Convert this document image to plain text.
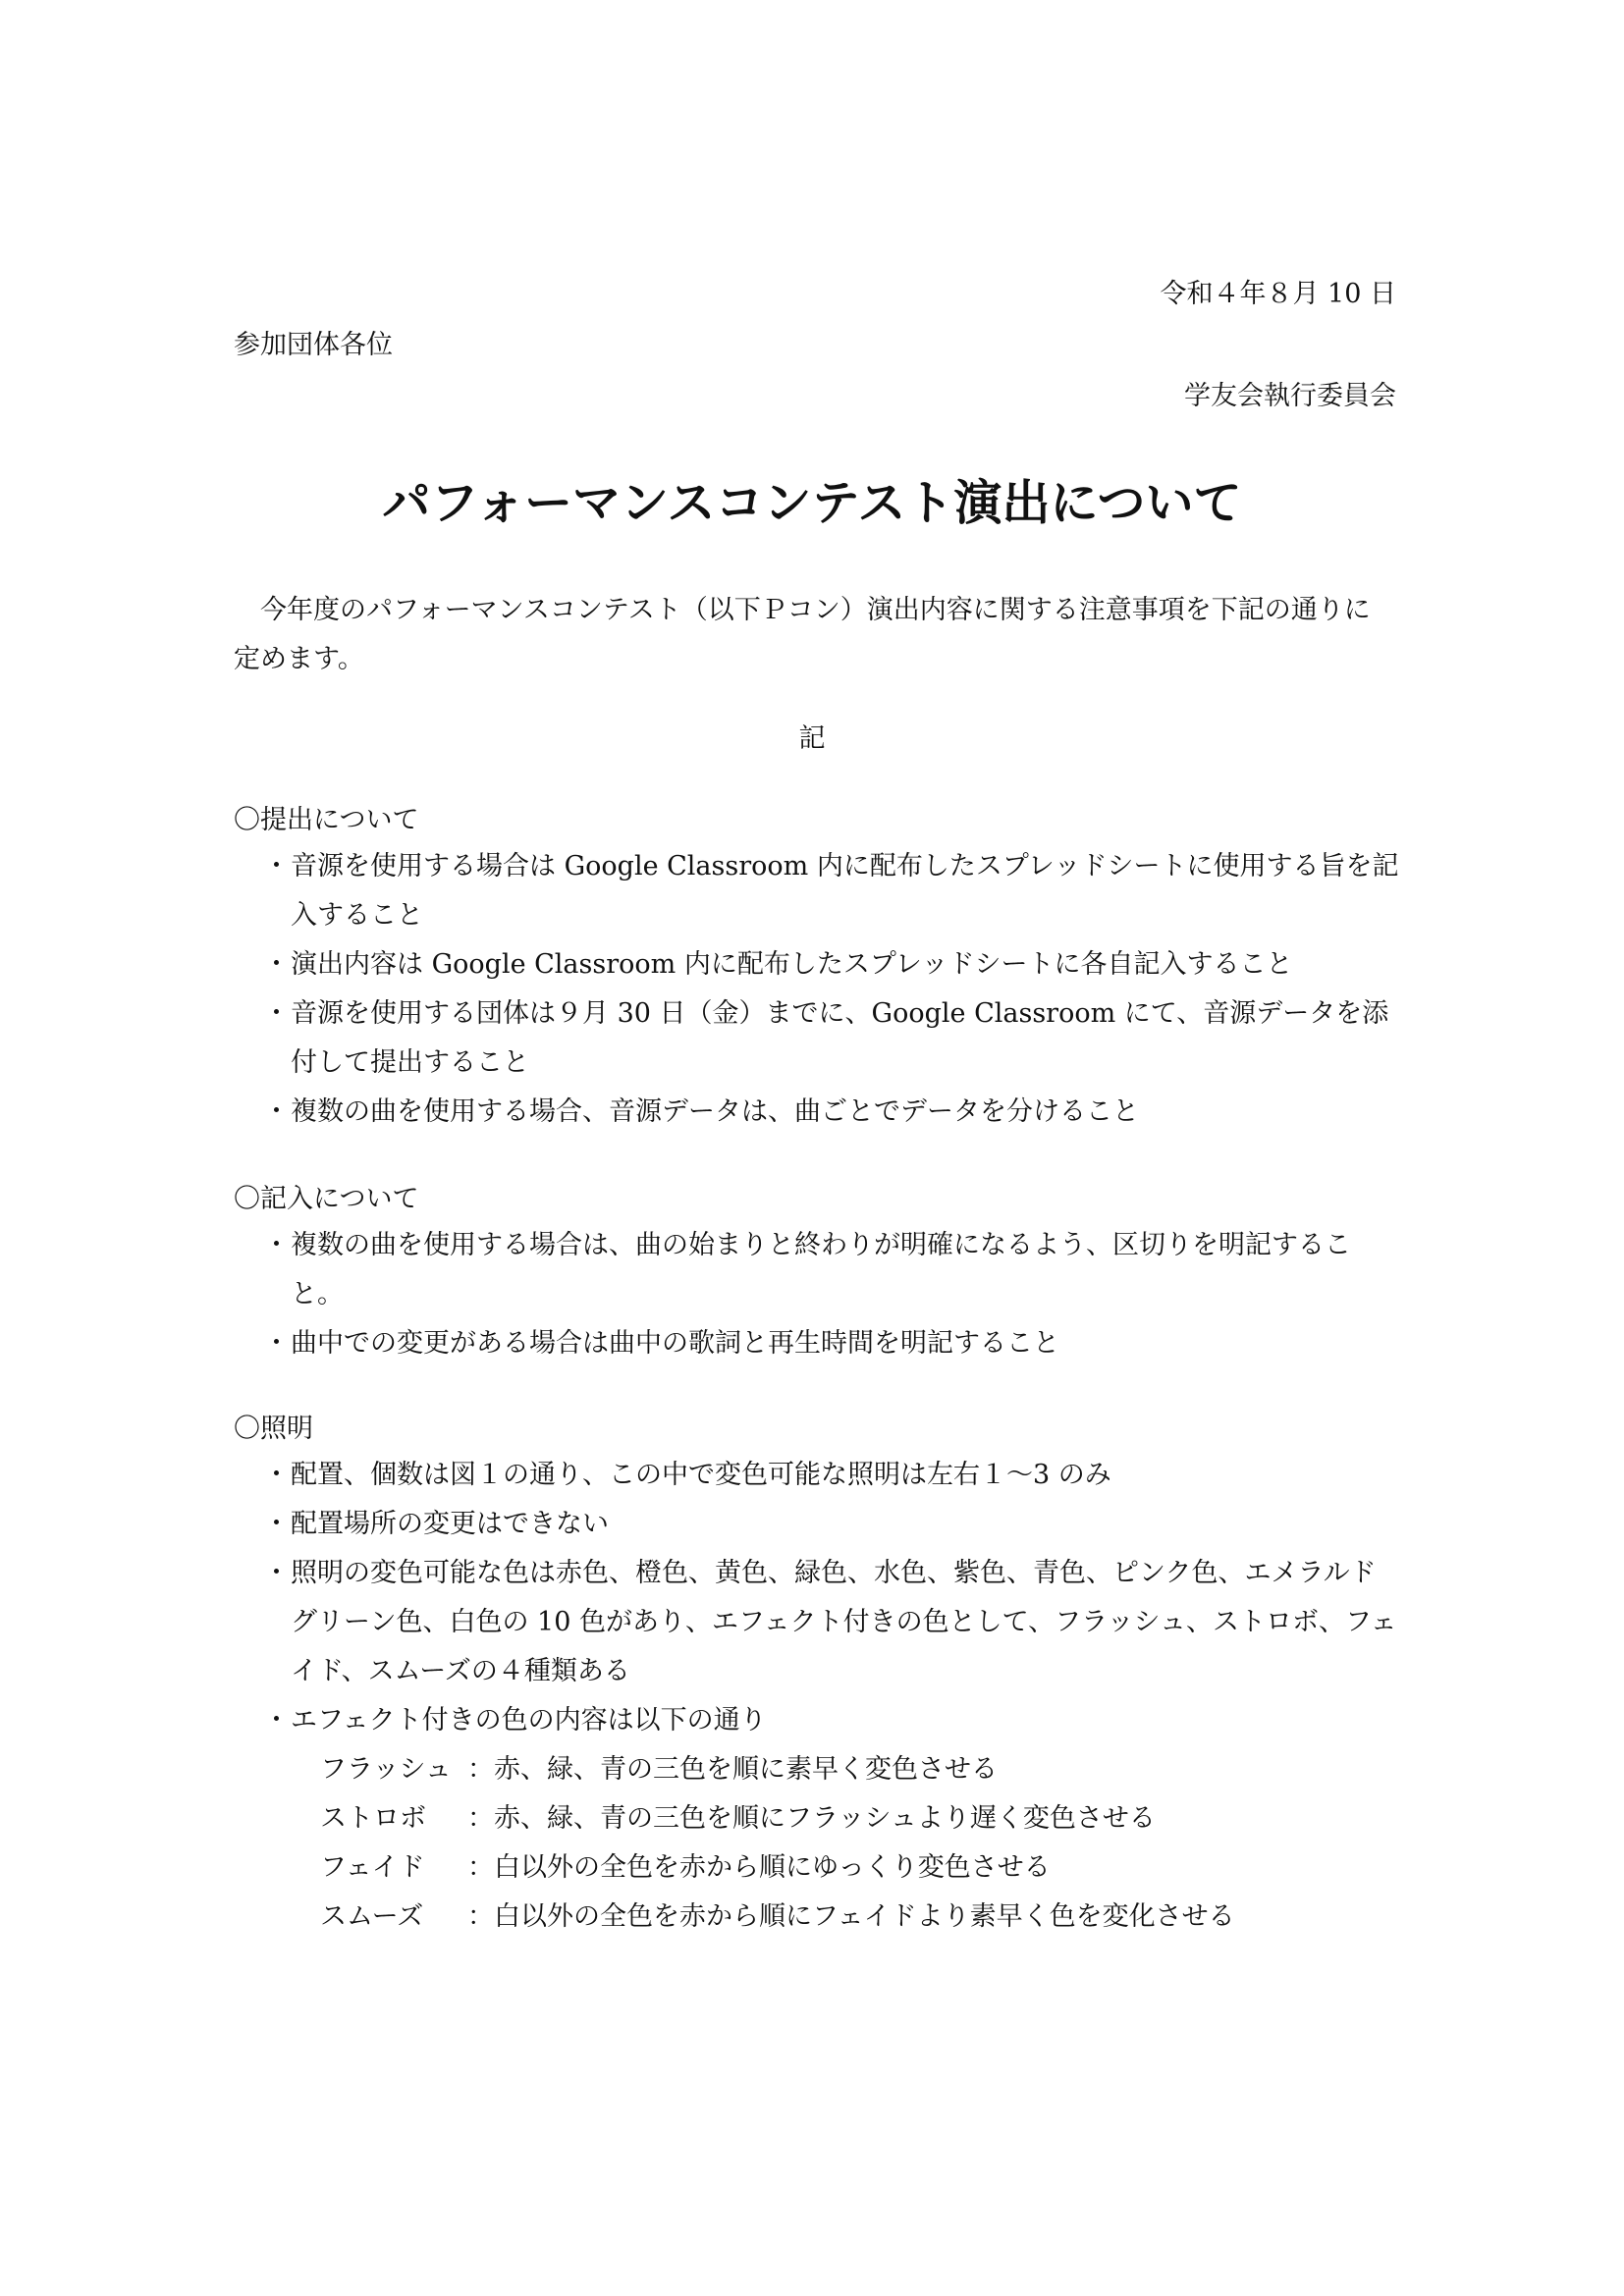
令和４年８月 10 日
参加団体各位
学友会執行委員会
パフォーマンスコンテスト演出について

今年度のパフォーマンスコンテスト（以下Ｐコン）演出内容に関する注意事項を下記の通りに定めます。

記
〇提出について
・ 音源を使用する場合は Google Classroom 内に配布したスプレッドシートに使用する旨を記入すること
・ 演出内容は Google Classroom 内に配布したスプレッドシートに各自記入すること
・ 音源を使用する団体は９月 30 日（金）までに、Google Classroom にて、音源データを添付して提出すること
・ 複数の曲を使用する場合、音源データは、曲ごとでデータを分けること
〇記入について
・ 複数の曲を使用する場合は、曲の始まりと終わりが明確になるよう、区切りを明記すること。
・ 曲中での変更がある場合は曲中の歌詞と再生時間を明記すること
〇照明
・ 配置、個数は図１の通り、この中で変色可能な照明は左右１～3 のみ
・ 配置場所の変更はできない
・ 照明の変色可能な色は赤色、橙色、黄色、緑色、水色、紫色、青色、ピンク色、エメラルドグリーン色、白色の 10 色があり、エフェクト付きの色として、フラッシュ、ストロボ、フェイド、スムーズの４種類ある
・ エフェクト付きの色の内容は以下の通り
フラッシュ ： 赤、緑、青の三色を順に素早く変色させる
ストロボ	： 赤、緑、青の三色を順にフラッシュより遅く変色させる
フェイド	： 白以外の全色を赤から順にゆっくり変色させる
スムーズ	： 白以外の全色を赤から順にフェイドより素早く色を変化させる
